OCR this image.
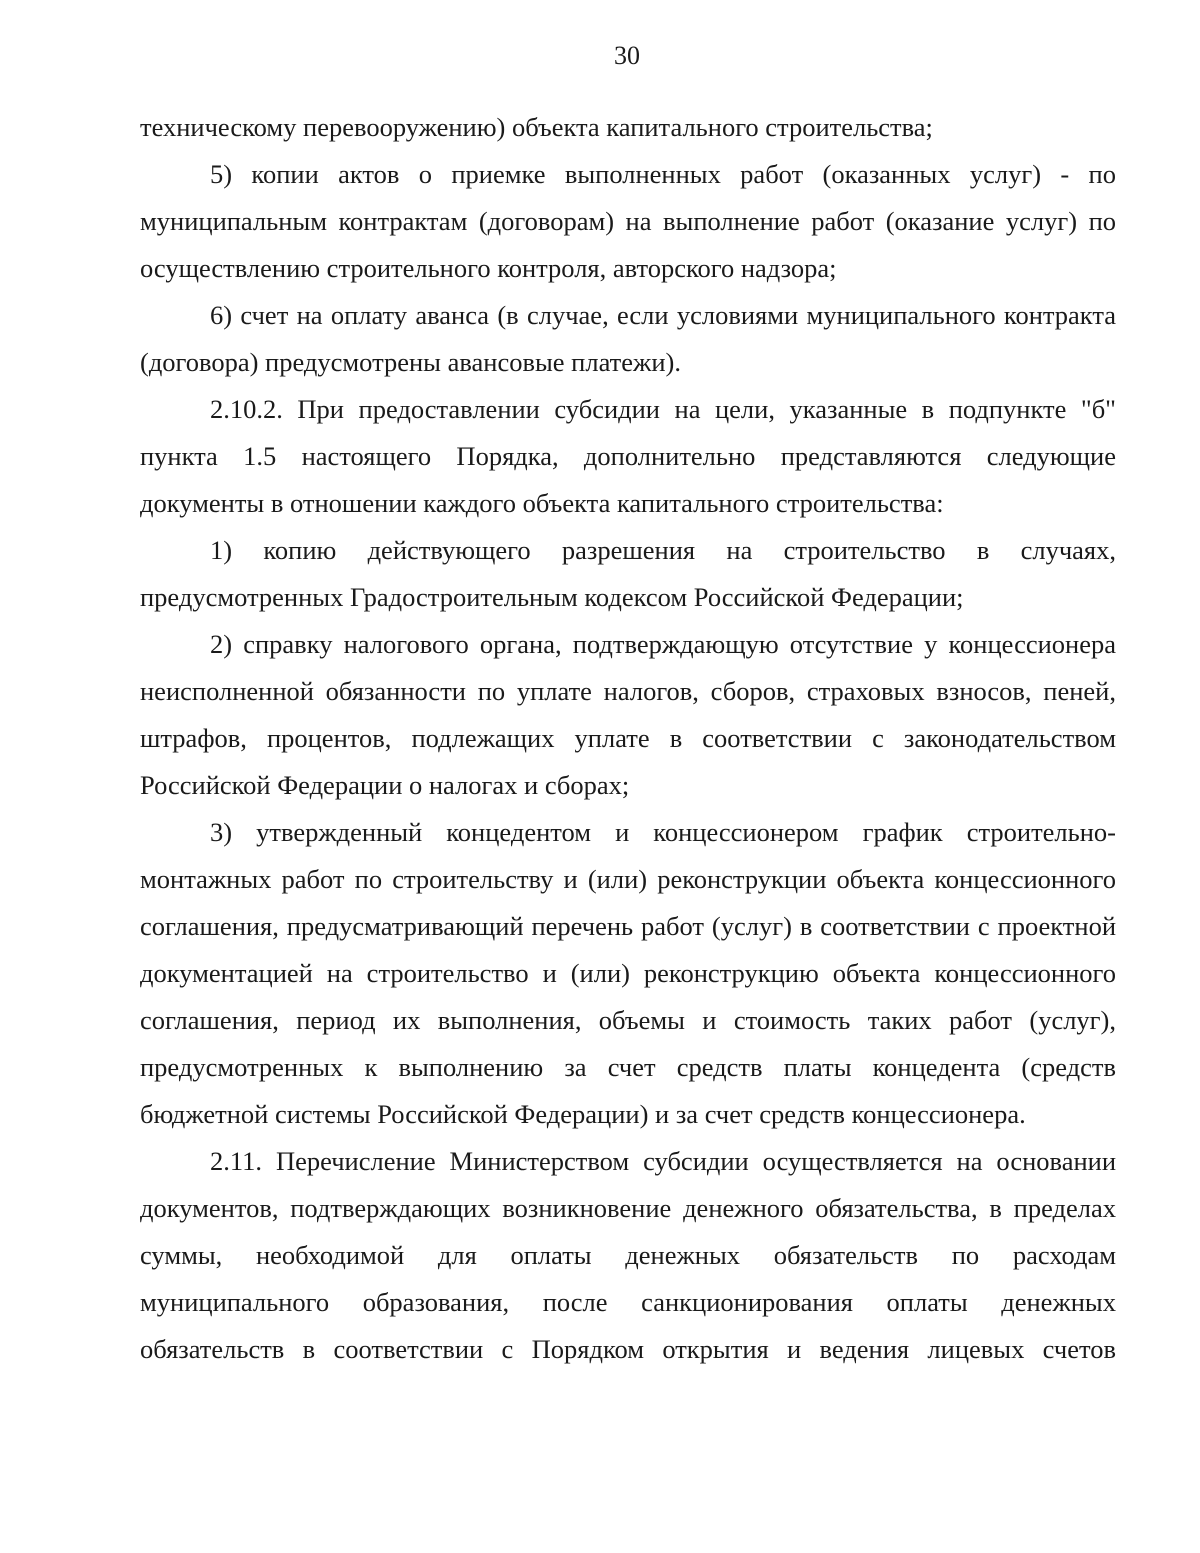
30

техническому перевооружению) объекта капитального строительства;

5) копии актов о приемке выполненных работ (оказанных услуг) - по муниципальным контрактам (договорам) на выполнение работ (оказание услуг) по осуществлению строительного контроля, авторского надзора;

6) счет на оплату аванса (в случае, если условиями муниципального контракта (договора) предусмотрены авансовые платежи).

2.10.2. При предоставлении субсидии на цели, указанные в подпункте "б" пункта 1.5 настоящего Порядка, дополнительно представляются следующие документы в отношении каждого объекта капитального строительства:

1) копию действующего разрешения на строительство в случаях, предусмотренных Градостроительным кодексом Российской Федерации;

2) справку налогового органа, подтверждающую отсутствие у концессионера неисполненной обязанности по уплате налогов, сборов, страховых взносов, пеней, штрафов, процентов, подлежащих уплате в соответствии с законодательством Российской Федерации о налогах и сборах;

3) утвержденный концедентом и концессионером график строительно-монтажных работ по строительству и (или) реконструкции объекта концессионного соглашения, предусматривающий перечень работ (услуг) в соответствии с проектной документацией на строительство и (или) реконструкцию объекта концессионного соглашения, период их выполнения, объемы и стоимость таких работ (услуг), предусмотренных к выполнению за счет средств платы концедента (средств бюджетной системы Российской Федерации) и за счет средств концессионера.

2.11. Перечисление Министерством субсидии осуществляется на основании документов, подтверждающих возникновение денежного обязательства, в пределах суммы, необходимой для оплаты денежных обязательств по расходам муниципального образования, после санкционирования оплаты денежных обязательств в соответствии с Порядком открытия и ведения лицевых счетов
